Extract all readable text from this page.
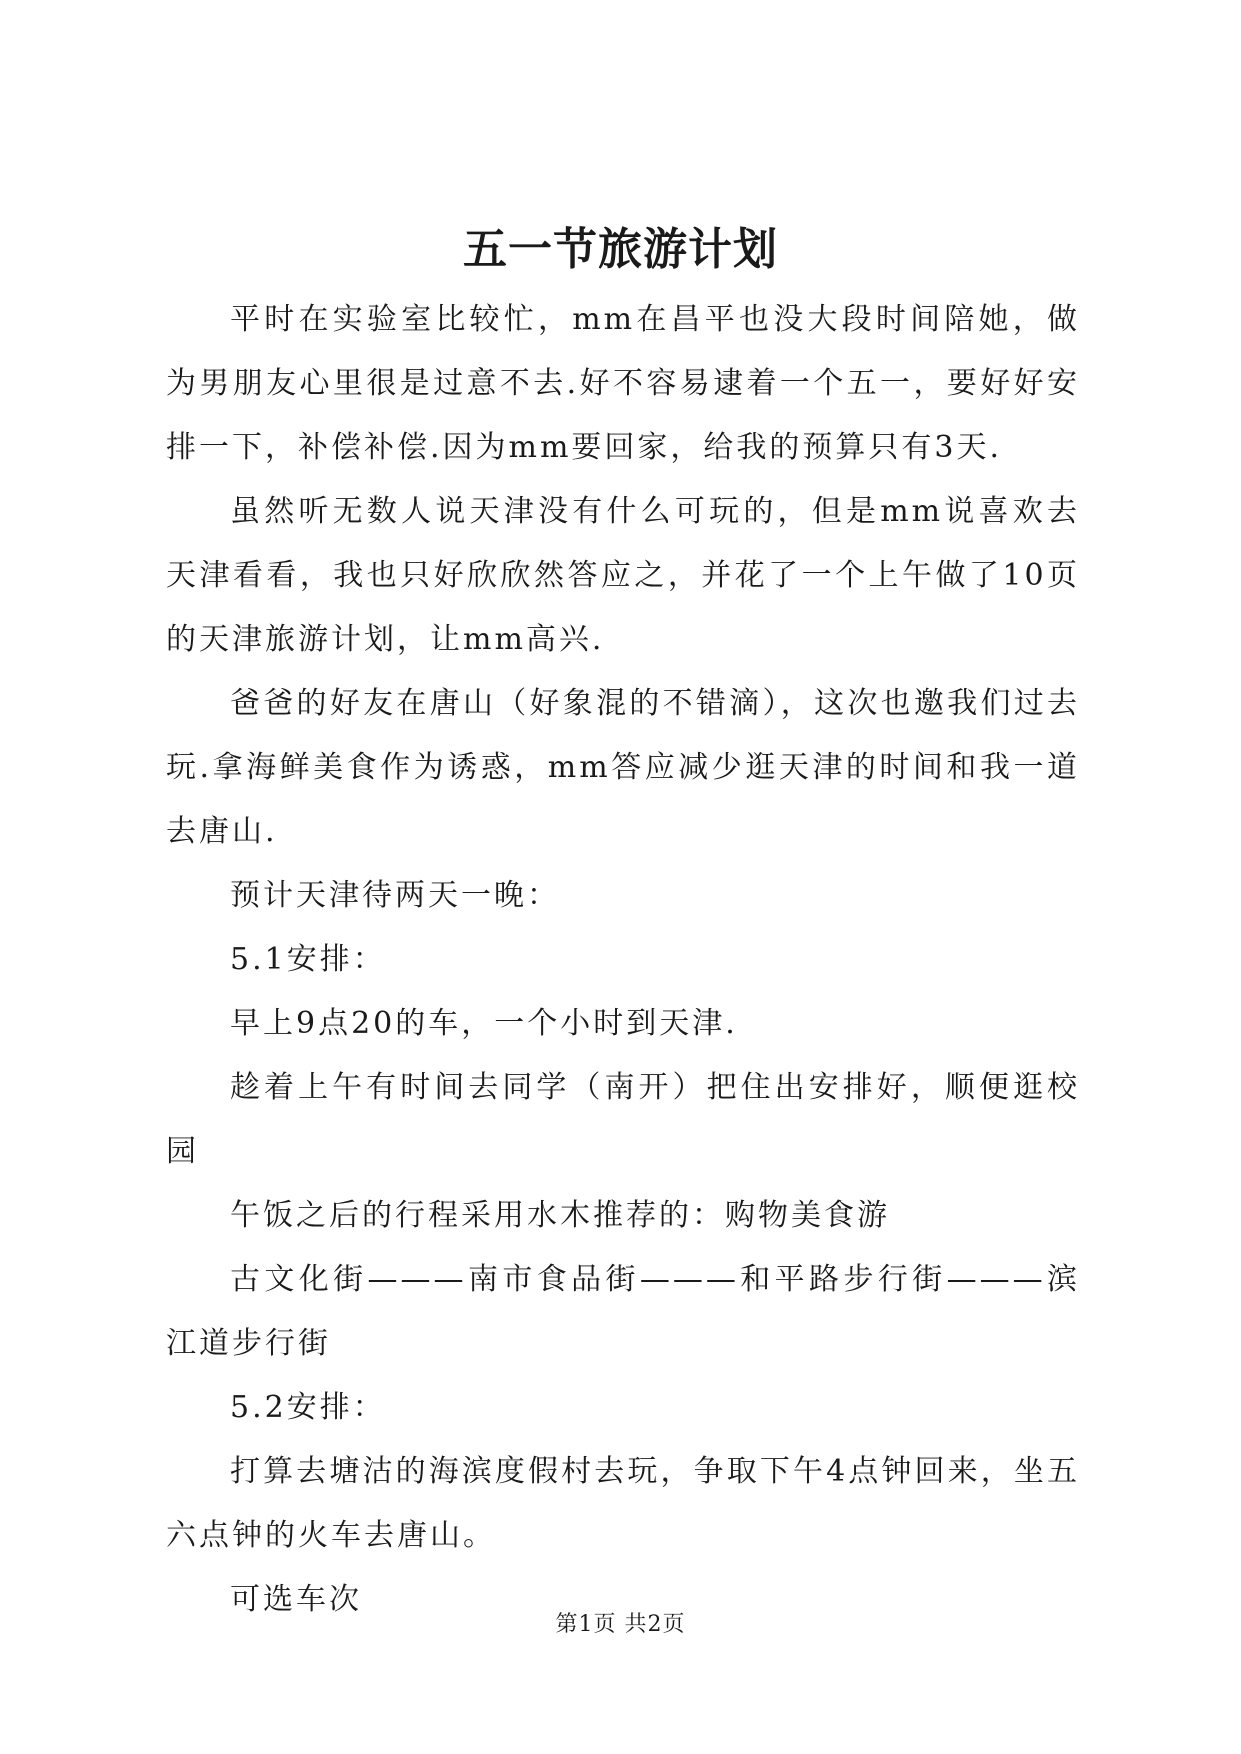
五一节旅游计划

平时在实验室比较忙，mm在昌平也没大段时间陪她，做为男朋友心里很是过意不去.好不容易逮着一个五一，要好好安排一下，补偿补偿.因为mm要回家，给我的预算只有3天.

虽然听无数人说天津没有什么可玩的，但是mm说喜欢去天津看看，我也只好欣欣然答应之，并花了一个上午做了10页的天津旅游计划，让mm高兴.

爸爸的好友在唐山（好象混的不错滴），这次也邀我们过去玩.拿海鲜美食作为诱惑，mm答应减少逛天津的时间和我一道去唐山.

预计天津待两天一晚：

5.1安排：

早上9点20的车，一个小时到天津.

趁着上午有时间去同学（南开）把住出安排好，顺便逛校园

午饭之后的行程采用水木推荐的：购物美食游

古文化街———南市食品街———和平路步行街———滨江道步行街

5.2安排：

打算去塘沽的海滨度假村去玩，争取下午4点钟回来，坐五六点钟的火车去唐山。

可选车次

第1页 共2页
